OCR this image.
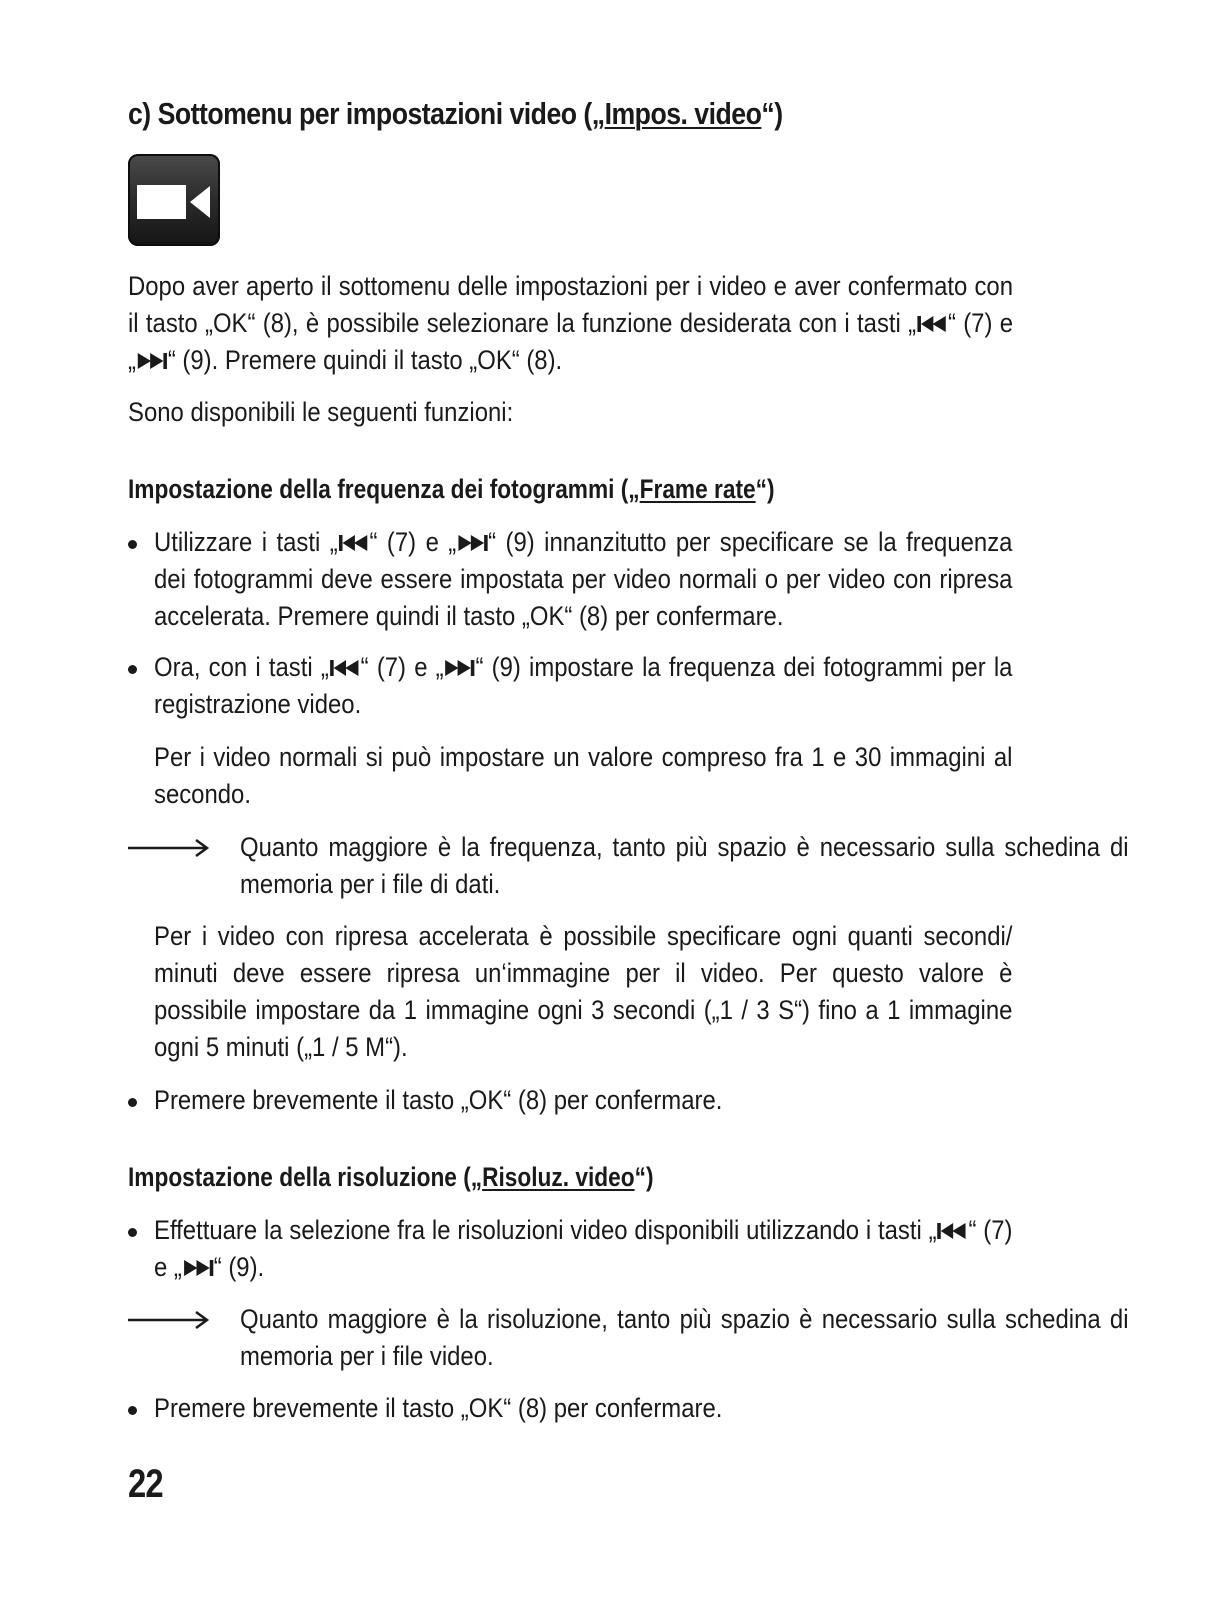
c) Sottomenu per impostazioni video („Impos. video“)

Dopo aver aperto il sottomenu delle impostazioni per i video e aver confermato con il tasto „OK“ (8), è possibile selezionare la funzione desiderata con i tasti „ “ (7) e „ “ (9). Premere quindi il tasto „OK“ (8).

Sono disponibili le seguenti funzioni:

Impostazione della frequenza dei fotogrammi („Frame rate“)

Utilizzare i tasti „ “ (7) e „ “ (9) innanzitutto per specificare se la frequenza dei fotogrammi deve essere impostata per video normali o per video con ripresa accelerata. Premere quindi il tasto „OK“ (8) per confermare.

Ora, con i tasti „ “ (7) e „ “ (9) impostare la frequenza dei fotogrammi per la registrazione video.

Per i video normali si può impostare un valore compreso fra 1 e 30 immagini al secondo.

Quanto maggiore è la frequenza, tanto più spazio è necessario sulla schedina di memoria per i file di dati.

Per i video con ripresa accelerata è possibile specificare ogni quanti secondi/ minuti deve essere ripresa un‘immagine per il video. Per questo valore è possibile impostare da 1 immagine ogni 3 secondi („1 / 3 S“) fino a 1 immagine ogni 5 minuti („1 / 5 M“).

Premere brevemente il tasto „OK“ (8) per confermare.

Impostazione della risoluzione („Risoluz. video“)

Effettuare la selezione fra le risoluzioni video disponibili utilizzando i tasti „ “ (7) e „ “ (9).

Quanto maggiore è la risoluzione, tanto più spazio è necessario sulla schedina di memoria per i file video.

Premere brevemente il tasto „OK“ (8) per confermare.

22
